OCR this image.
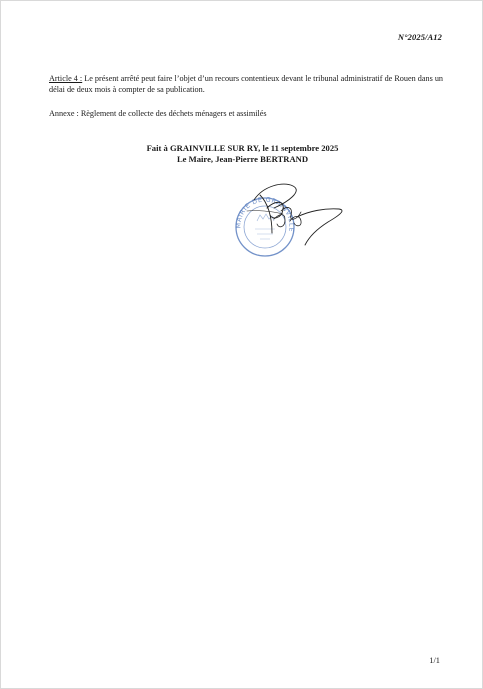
N°2025/A12

Article 4 : Le présent arrêté peut faire l’objet d’un recours contentieux devant le tribunal administratif de Rouen dans un délai de deux mois à compter de sa publication.

Annexe : Règlement de collecte des déchets ménagers et assimilés

Fait à GRAINVILLE SUR RY, le 11 septembre 2025
Le Maire, Jean-Pierre BERTRAND
MAIRIE DE GRAINVILLE
1/1
